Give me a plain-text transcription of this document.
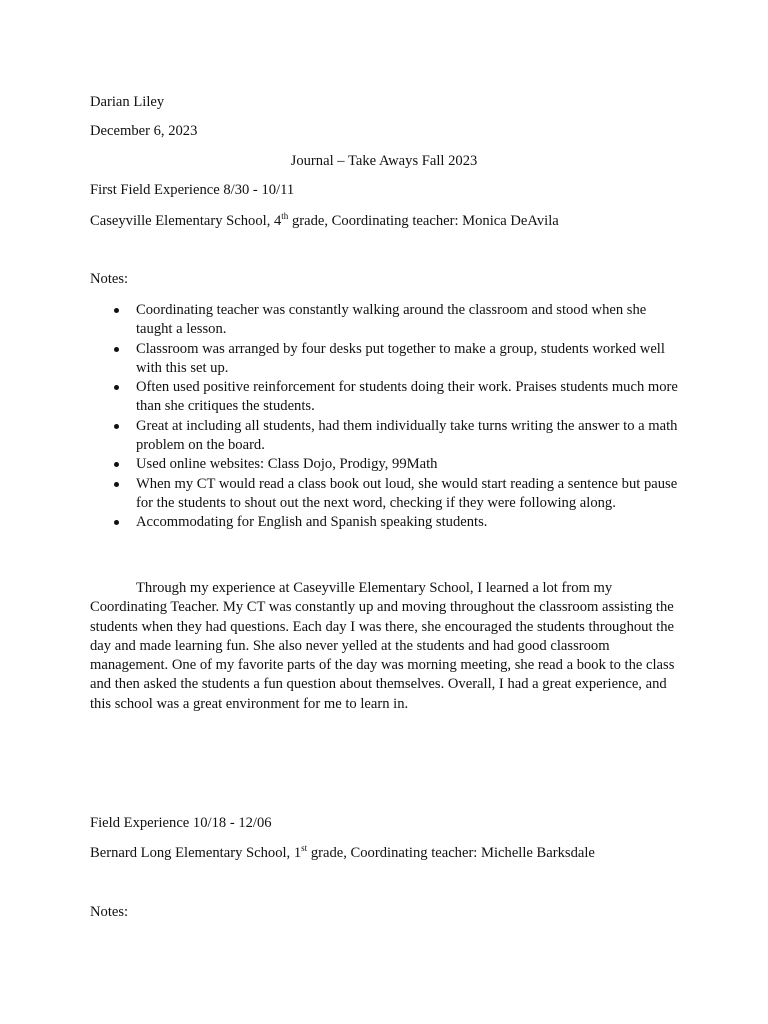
Darian Liley
December 6, 2023
Journal – Take Aways Fall 2023
First Field Experience 8/30 - 10/11
Caseyville Elementary School, 4th grade, Coordinating teacher: Monica DeAvila
Notes:
Coordinating teacher was constantly walking around the classroom and stood when she taught a lesson.
Classroom was arranged by four desks put together to make a group, students worked well with this set up.
Often used positive reinforcement for students doing their work. Praises students much more than she critiques the students.
Great at including all students, had them individually take turns writing the answer to a math problem on the board.
Used online websites: Class Dojo, Prodigy, 99Math
When my CT would read a class book out loud, she would start reading a sentence but pause for the students to shout out the next word, checking if they were following along.
Accommodating for English and Spanish speaking students.

Through my experience at Caseyville Elementary School, I learned a lot from my Coordinating Teacher. My CT was constantly up and moving throughout the classroom assisting the students when they had questions. Each day I was there, she encouraged the students throughout the day and made learning fun. She also never yelled at the students and had good classroom management. One of my favorite parts of the day was morning meeting, she read a book to the class and then asked the students a fun question about themselves. Overall, I had a great experience, and this school was a great environment for me to learn in.

Field Experience 10/18 - 12/06
Bernard Long Elementary School, 1st grade, Coordinating teacher: Michelle Barksdale
Notes:
